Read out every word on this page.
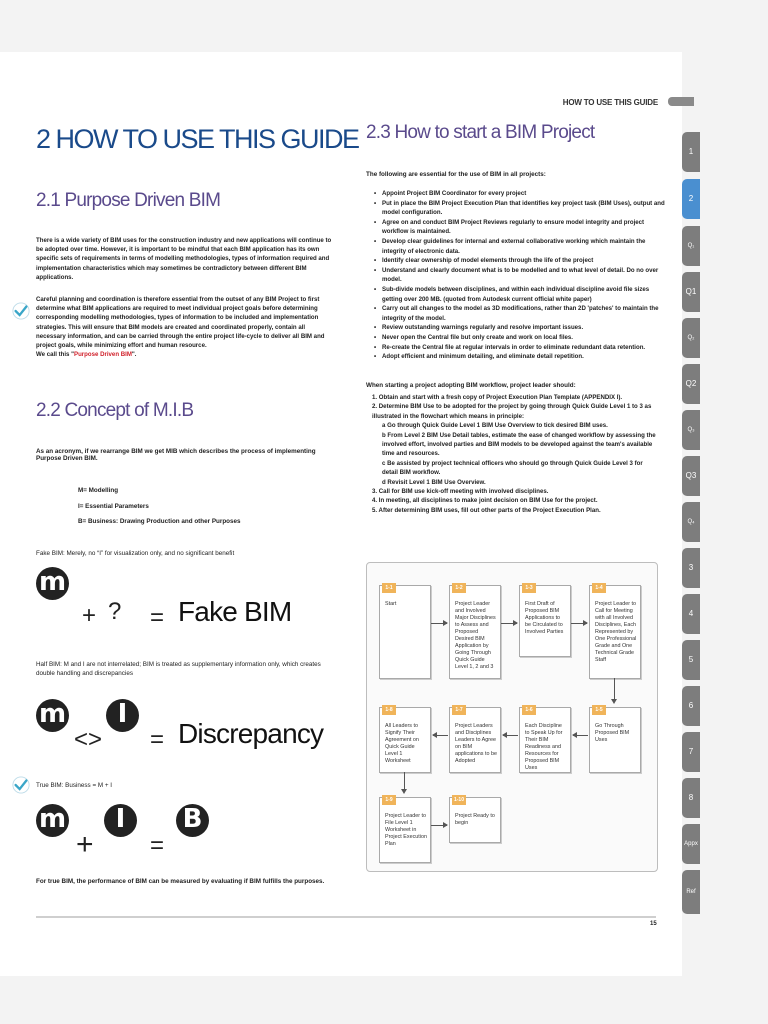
HOW TO USE THIS GUIDE
2 HOW TO USE THIS GUIDE
2.1 Purpose Driven BIM
There is a wide variety of BIM uses for the construction industry and new applications will continue to be adopted over time. However, it is important to be mindful that each BIM application has its own specific sets of requirements in terms of modelling methodologies, types of information required and implementation characteristics which may sometimes be contradictory between different BIM applications.
Careful planning and coordination is therefore essential from the outset of any BIM Project to first determine what BIM applications are required to meet individual project goals before determining corresponding modelling methodologies, types of information to be included and implementation strategies. This will ensure that BIM models are created and coordinated properly, contain all necessary information, and can be carried through the entire project life-cycle to deliver all BIM and project goals, while minimizing effort and human resource.
We call this "Purpose Driven BIM".
2.2 Concept of M.I.B
As an acronym, if we rearrange BIM we get MIB which describes the process of implementing Purpose Driven BIM.
M= Modelling
I= Essential Parameters
B= Business: Drawing Production and other Purposes
Fake BIM: Merely, no “I” for visualization only, and no significant benefit
m
+ ? = Fake BIM
Half BIM: M and I are not interrelated; BIM is treated as supplementary information only, which creates double handling and discrepancies
m
<>
I
= Discrepancy
True BIM: Business = M + I
m
+
I
=
B
For true BIM, the performance of BIM can be measured by evaluating if BIM fulfills the purposes.
2.3 How to start a BIM Project
The following are essential for the use of BIM in all projects:
• Appoint Project BIM Coordinator for every project
• Put in place the BIM Project Execution Plan that identifies key project task (BIM Uses), output and model configuration.
• Agree on and conduct BIM Project Reviews regularly to ensure model integrity and project workflow is maintained.
• Develop clear guidelines for internal and external collaborative working which maintain the integrity of electronic data.
• Identify clear ownership of model elements through the life of the project
• Understand and clearly document what is to be modelled and to what level of detail. Do no over model.
• Sub-divide models between disciplines, and within each individual discipline avoid file sizes getting over 200 MB. (quoted from Autodesk current official white paper)
• Carry out all changes to the model as 3D modifications, rather than 2D 'patches' to maintain the integrity of the model.
• Review outstanding warnings regularly and resolve important issues.
• Never open the Central file but only create and work on local files.
• Re-create the Central file at regular intervals in order to eliminate redundant data retention.
• Adopt efficient and minimum detailing, and eliminate detail repetition.
When starting a project adopting BIM workflow, project leader should:
1. Obtain and start with a fresh copy of Project Execution Plan Template (APPENDIX I).
2. Determine BIM Use to be adopted for the project by going through Quick Guide Level 1 to 3 as illustrated in the flowchart which means in principle:
a Go through Quick Guide Level 1 BIM Use Overview to tick desired BIM uses.
b From Level 2 BIM Use Detail tables, estimate the ease of changed workflow by assessing the involved effort, involved parties and BIM models to be developed against the team's available time and resources.
c Be assisted by project technical officers who should go through Quick Guide Level 3 for detail BIM workflow.
d Revisit Level 1 BIM Use Overview.
3. Call for BIM use kick-off meeting with involved disciplines.
4. In meeting, all disciplines to make joint decision on BIM Use for the project.
5. After determining BIM uses, fill out other parts of the Project Execution Plan.
1-1
Start
1-2
Project Leader and Involved Major Disciplines to Assess and Proposed Desired BIM Application by Going Through Quick Guide Level 1, 2 and 3
1-3
First Draft of Proposed BIM Applications to be Circulated to Involved Parties
1-4
Project Leader to Call for Meeting with all Involved Disciplines, Each Represented by One Professional Grade and One Technical Grade Staff
1-5
Go Through Proposed BIM Uses
1-6
Each Discipline to Speak Up for Their BIM Readiness and Resources for Proposed BIM Uses
1-7
Project Leaders and Disciplines Leaders to Agree on BIM applications to be Adopted
1-8
All Leaders to Signify Their Agreement on Quick Guide Level 1 Worksheet
1-9
Project Leader to File Level 1 Worksheet in Project Execution Plan
1-10
Project Ready to begin
15
1
2
Q₁
Q1
Q₂
Q2
Q₃
Q3
Q₄
3
4
5
6
7
8
Appx
Ref
